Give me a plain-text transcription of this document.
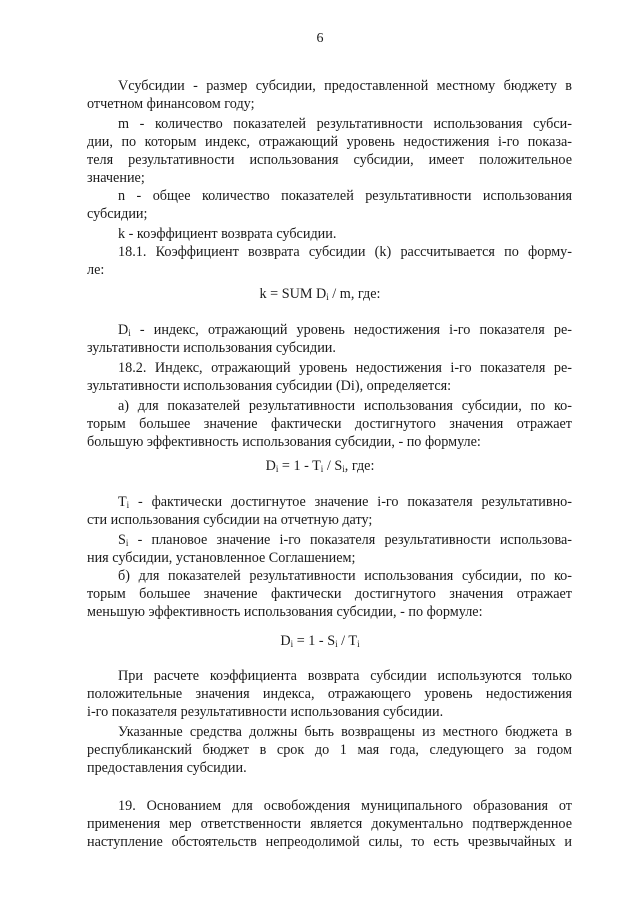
6
Vсубсидии - размер субсидии, предоставленной местному бюджету в
отчетном финансовом году;
m - количество показателей результативности использования субси-
дии, по которым индекс, отражающий уровень недостижения i-го показа-
теля результативности использования субсидии, имеет положительное
значение;
n - общее количество показателей результативности использования
субсидии;
k - коэффициент возврата субсидии.
18.1. Коэффициент возврата субсидии (k) рассчитывается по форму-
ле:
$D_i$ - индекс, отражающий уровень недостижения i-го показателя ре-
зультативности использования субсидии.
18.2. Индекс, отражающий уровень недостижения i-го показателя ре-
зультативности использования субсидии (Di), определяется:
а) для показателей результативности использования субсидии, по ко-
торым большее значение фактически достигнутого значения отражает
большую эффективность использования субсидии, - по формуле:
$T_i$ - фактически достигнутое значение i-го показателя результативно-
сти использования субсидии на отчетную дату;
$S_i$ - плановое значение i-го показателя результативности использова-
ния субсидии, установленное Соглашением;
б) для показателей результативности использования субсидии, по ко-
торым большее значение фактически достигнутого значения отражает
меньшую эффективность использования субсидии, - по формуле:
При расчете коэффициента возврата субсидии используются только
положительные значения индекса, отражающего уровень недостижения
i-го показателя результативности использования субсидии.
Указанные средства должны быть возвращены из местного бюджета в
республиканский бюджет в срок до 1 мая года, следующего за годом
предоставления субсидии.
19. Основанием для освобождения муниципального образования от
применения мер ответственности является документально подтвержденное
наступление обстоятельств непреодолимой силы, то есть чрезвычайных и
k = SUM $D_i$ / m, где:
$D_i = 1 - T_i / S_i$, где:
$D_i = 1 - S_i / T_i$
